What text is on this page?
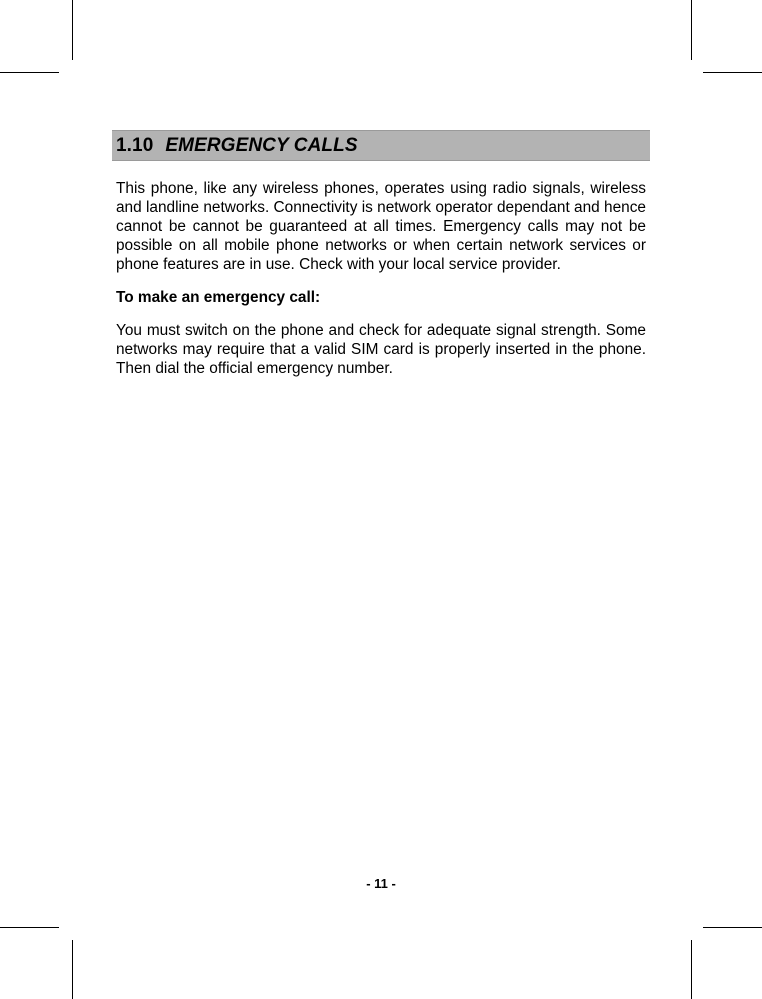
1.10 EMERGENCY CALLS

This phone, like any wireless phones, operates using radio signals, wireless and landline networks. Connectivity is network operator dependant and hence cannot be cannot be guaranteed at all times. Emergency calls may not be possible on all mobile phone networks or when certain network services or phone features are in use. Check with your local service provider.

To make an emergency call:

You must switch on the phone and check for adequate signal strength. Some networks may require that a valid SIM card is properly inserted in the phone. Then dial the official emergency number.

- 11 -
